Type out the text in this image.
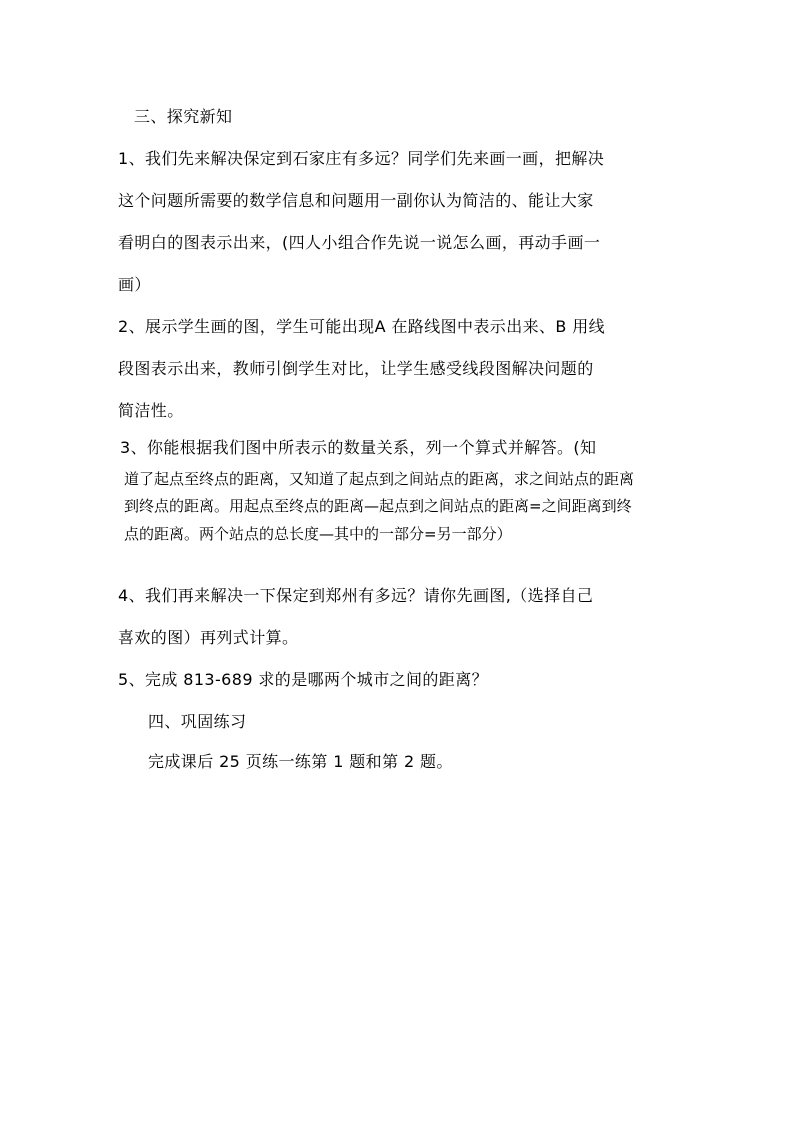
三、探究新知
1、我们先来解决保定到石家庄有多远？同学们先来画一画，把解决
这个问题所需要的数学信息和问题用一副你认为简洁的、能让大家
看明白的图表示出来，(四人小组合作先说一说怎么画，再动手画一
画）
2、展示学生画的图，学生可能出现A 在路线图中表示出来、B 用线
段图表示出来，教师引倒学生对比，让学生感受线段图解决问题的
简洁性。
3、你能根据我们图中所表示的数量关系，列一个算式并解答。(知
道了起点至终点的距离，又知道了起点到之间站点的距离，求之间站点的距离
到终点的距离。用起点至终点的距离—起点到之间站点的距离=之间距离到终
点的距离。两个站点的总长度—其中的一部分=另一部分）
4、我们再来解决一下保定到郑州有多远？请你先画图,（选择自己
喜欢的图）再列式计算。
5、完成 813-689 求的是哪两个城市之间的距离？
四、巩固练习
完成课后 25 页练一练第 1 题和第 2 题。
